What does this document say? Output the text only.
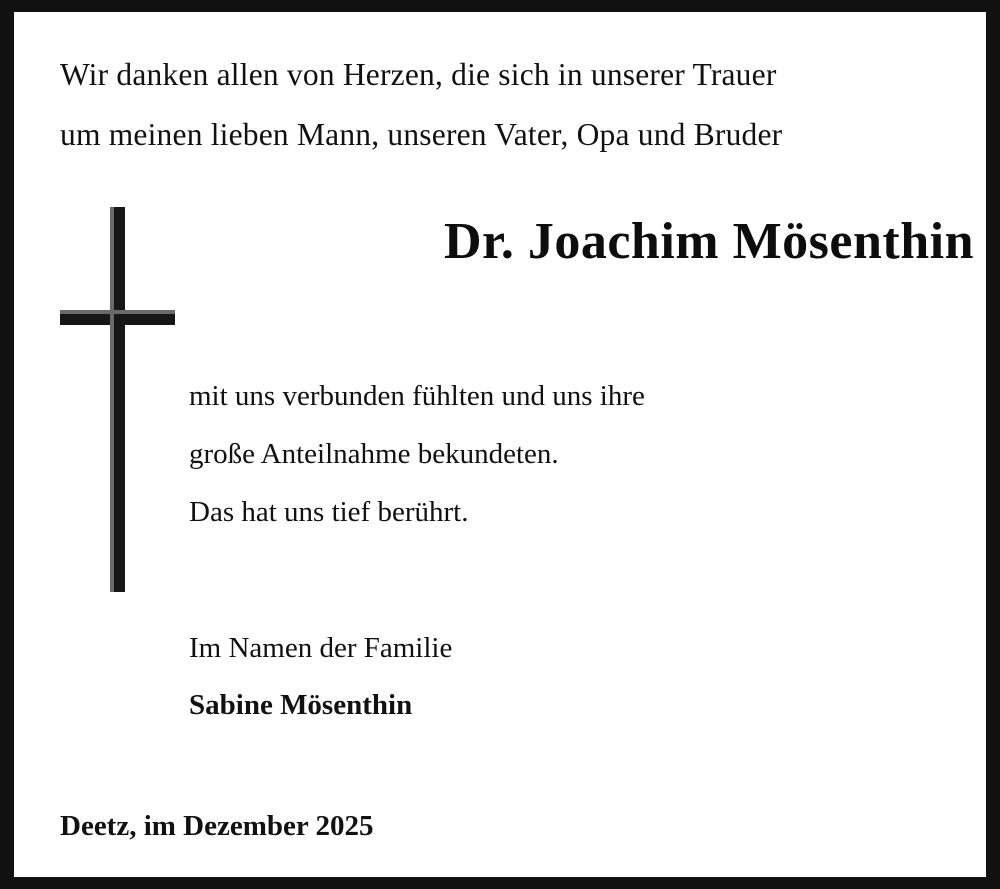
Wir danken allen von Herzen, die sich in unserer Trauer
um meinen lieben Mann, unseren Vater, Opa und Bruder
Dr. Joachim Mösenthin
mit uns verbunden fühlten und uns ihre
große Anteilnahme bekundeten.
Das hat uns tief berührt.
Im Namen der Familie
Sabine Mösenthin
Deetz, im Dezember 2025
